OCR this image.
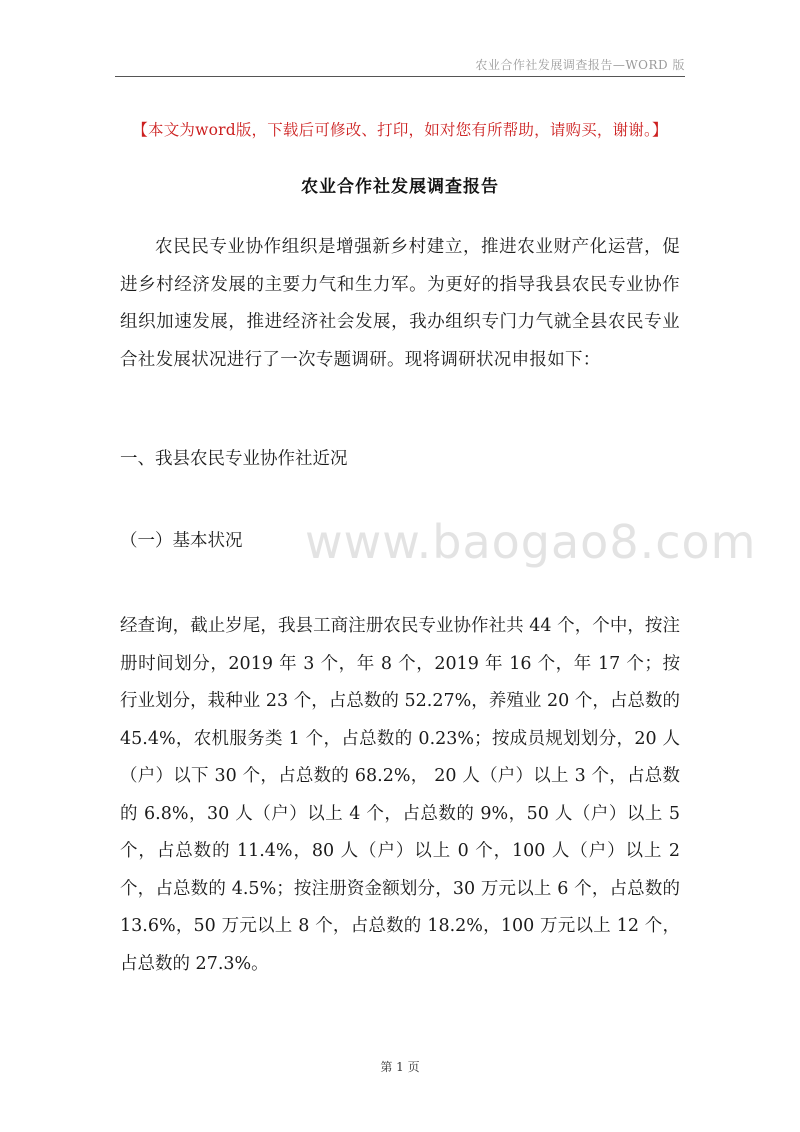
农业合作社发展调查报告—WORD 版
【本文为word版，下载后可修改、打印，如对您有所帮助，请购买，谢谢。】
农业合作社发展调查报告

农民民专业协作组织是增强新乡村建立，推进农业财产化运营，促进乡村经济发展的主要力气和生力军。为更好的指导我县农民专业协作组织加速发展，推进经济社会发展，我办组织专门力气就全县农民专业合社发展状况进行了一次专题调研。现将调研状况申报如下：

一、我县农民专业协作社近况
（一）基本状况 www.baogao8.com

经查询，截止岁尾，我县工商注册农民专业协作社共 44 个，个中，按注册时间划分，2019 年 3 个，年 8 个，2019 年 16 个，年 17 个；按行业划分，栽种业 23 个，占总数的 52.27%，养殖业 20 个，占总数的 45.4%，农机服务类 1 个，占总数的 0.23%；按成员规划划分，20 人（户）以下 30 个，占总数的 68.2%， 20 人（户）以上 3 个，占总数的 6.8%，30 人（户）以上 4 个，占总数的 9%，50 人（户）以上 5 个，占总数的 11.4%，80 人（户）以上 0 个，100 人（户）以上 2 个，占总数的 4.5%；按注册资金额划分，30 万元以上 6 个，占总数的 13.6%，50 万元以上 8 个，占总数的 18.2%，100 万元以上 12 个，占总数的 27.3%。

第 1 页
